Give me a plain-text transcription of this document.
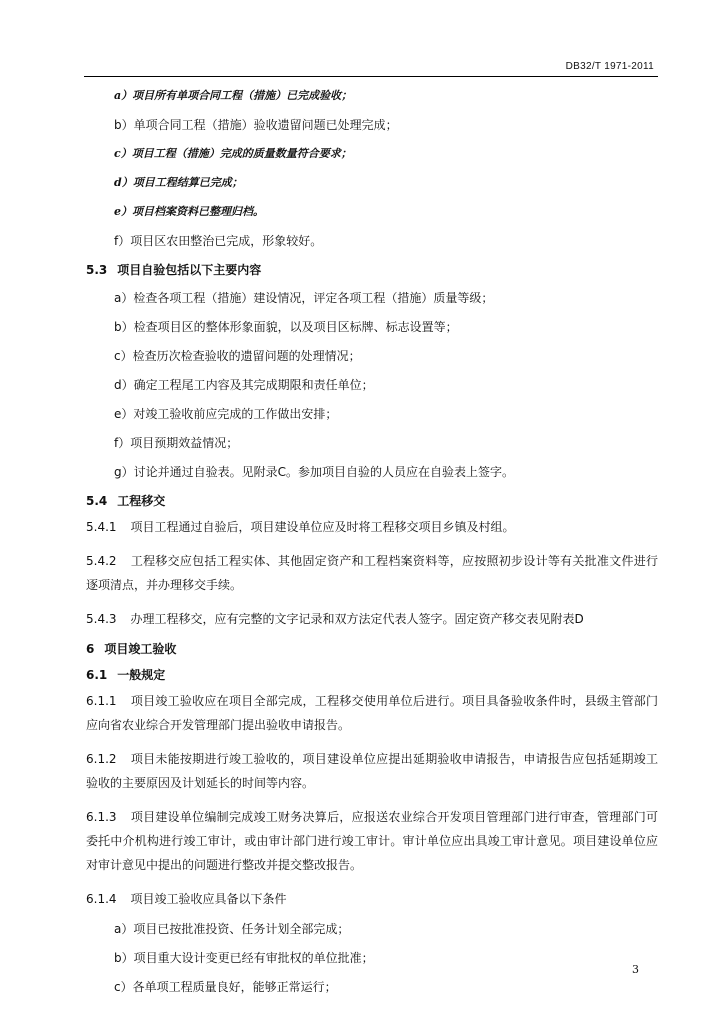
DB32/T 1971-2011
a）项目所有单项合同工程（措施）已完成验收；
b）单项合同工程（措施）验收遗留问题已处理完成；
c）项目工程（措施）完成的质量数量符合要求；
d）项目工程结算已完成；
e）项目档案资料已整理归档。
f）项目区农田整治已完成，形象较好。
5.3 项目自验包括以下主要内容
a）检查各项工程（措施）建设情况，评定各项工程（措施）质量等级；
b）检查项目区的整体形象面貌，以及项目区标牌、标志设置等；
c）检查历次检查验收的遗留问题的处理情况；
d）确定工程尾工内容及其完成期限和责任单位；
e）对竣工验收前应完成的工作做出安排；
f）项目预期效益情况；
g）讨论并通过自验表。见附录C。参加项目自验的人员应在自验表上签字。
5.4 工程移交
5.4.1 项目工程通过自验后，项目建设单位应及时将工程移交项目乡镇及村组。
5.4.2 工程移交应包括工程实体、其他固定资产和工程档案资料等，应按照初步设计等有关批准文件进行逐项清点，并办理移交手续。
5.4.3 办理工程移交，应有完整的文字记录和双方法定代表人签字。固定资产移交表见附表D
6 项目竣工验收
6.1 一般规定
6.1.1 项目竣工验收应在项目全部完成，工程移交使用单位后进行。项目具备验收条件时，县级主管部门应向省农业综合开发管理部门提出验收申请报告。
6.1.2 项目未能按期进行竣工验收的，项目建设单位应提出延期验收申请报告，申请报告应包括延期竣工验收的主要原因及计划延长的时间等内容。
6.1.3 项目建设单位编制完成竣工财务决算后，应报送农业综合开发项目管理部门进行审查，管理部门可委托中介机构进行竣工审计，或由审计部门进行竣工审计。审计单位应出具竣工审计意见。项目建设单位应对审计意见中提出的问题进行整改并提交整改报告。
6.1.4 项目竣工验收应具备以下条件
a）项目已按批准投资、任务计划全部完成；
b）项目重大设计变更已经有审批权的单位批准；
c）各单项工程质量良好，能够正常运行；
3
